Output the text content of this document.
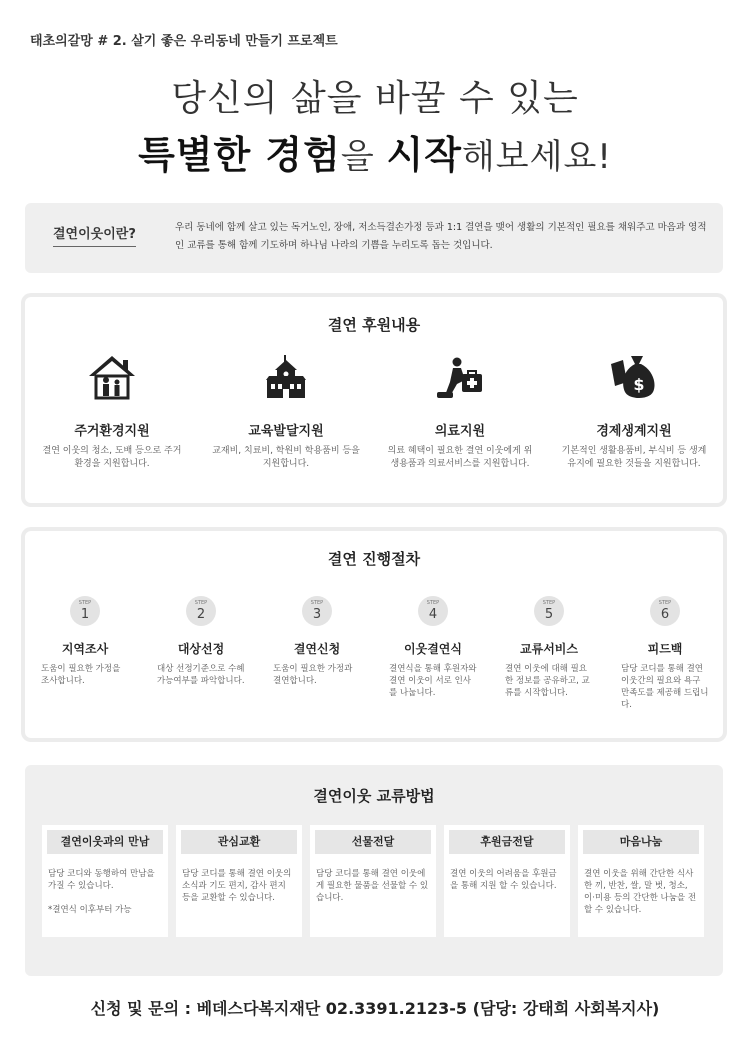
태초의갈망 # 2. 살기 좋은 우리동네 만들기 프로젝트
당신의 삶을 바꿀 수 있는
특별한 경험을 시작해보세요!
결연이웃이란?	우리 동네에 함께 살고 있는 독거노인, 장애, 저소득결손가정 등과 1:1 결연을 맺어 생활의 기본적인 필요를 채워주고 마음과 영적인 교류를 통해 함께 기도하며 하나님 나라의 기쁨을 누리도록 돕는 것입니다.
결연 후원내용
주거환경지원
결연 이웃의 청소, 도배 등으로 주거 환경을 지원합니다.
교육발달지원
교재비, 치료비, 학원비 학용품비 등을 지원합니다.
의료지원
의료 혜택이 필요한 결연 이웃에게 위생용품과 의료서비스를 지원합니다.
$
경제생계지원
기본적인 생활용품비, 부식비 등 생계 유지에 필요한 것들을 지원합니다.
결연 진행절차
STEP
1
지역조사
도움이 필요한 가정을 조사합니다.
STEP
2
대상선정
대상 선정기준으로 수혜 가능여부를 파악합니다.
STEP
3
결연신청
도움이 필요한 가정과 결연합니다.
STEP
4
이웃결연식
결연식을 통해 후원자와 결연 이웃이 서로 인사를 나눕니다.
STEP
5
교류서비스
결연 이웃에 대해 필요한 정보를 공유하고, 교류를 시작합니다.
STEP
6
피드백
담당 코디를 통해 결연 이웃간의 필요와 욕구 만족도를 제공해 드립니다.
결연이웃 교류방법
결연이웃과의 만남
담당 코디와 동행하여 만남을 가질 수 있습니다.
*결연식 이후부터 가능
관심교환
담당 코디를 통해 결연 이웃의 소식과 기도 편지, 감사 편지 등을 교환할 수 있습니다.
선물전달
담당 코디를 통해 결연 이웃에게 필요한 물품을 선물할 수 있습니다.
후원금전달
결연 이웃의 어려움을 후원금을 통해 지원 할 수 있습니다.
마음나눔
결연 이웃을 위해 간단한 식사 한 끼, 반찬, 쌀, 말 벗, 청소, 이·미용 등의 간단한 나눔을 전할 수 있습니다.
신청 및 문의 : 베데스다복지재단 02.3391.2123-5 (담당: 강태희 사회복지사)
